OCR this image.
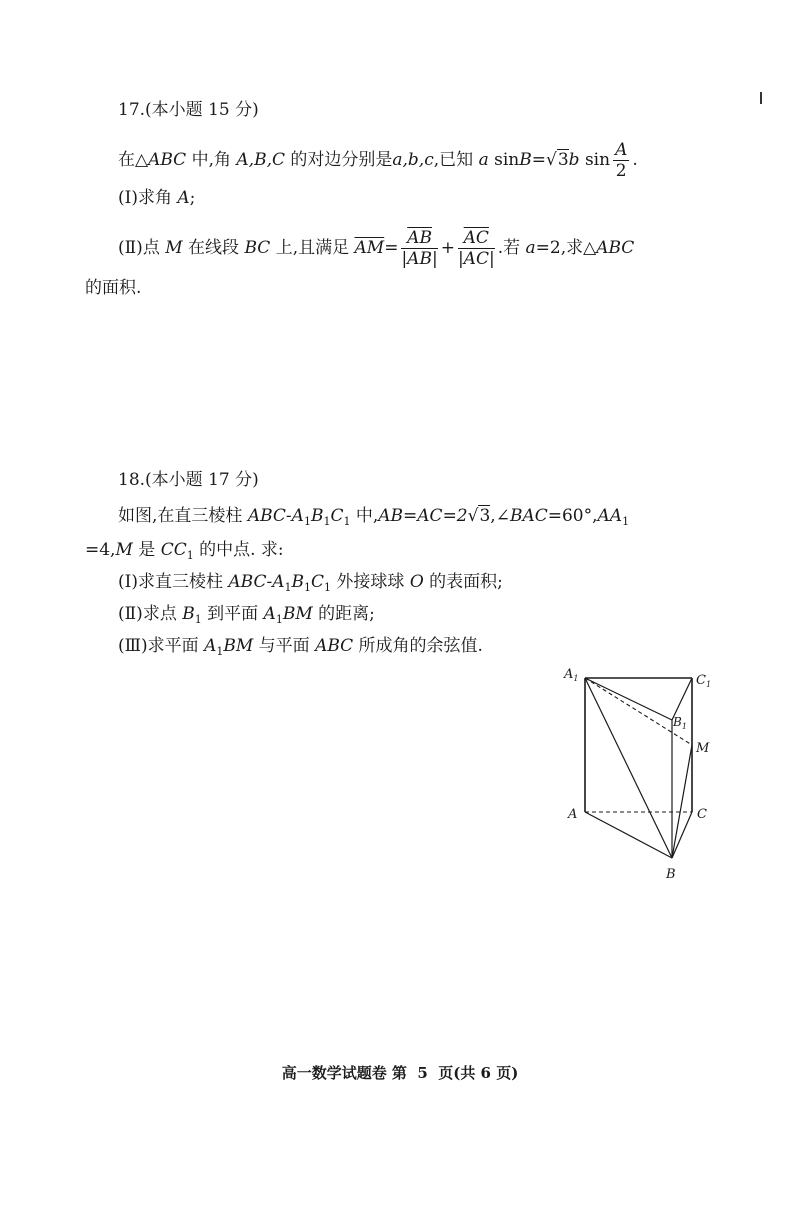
17.(本小题 15 分)
在△ABC 中,角 A,B,C 的对边分别是a,b,c,已知 a sinB=√3b $\sin \frac{A}{2}$ .
(Ⅰ)求角 A;
(Ⅱ)点 M 在线段 BC 上,且满足 $\overline{AM}= \frac{\overline{AB}}{|AB|} + \frac{\overline{AC}}{|AC|}$ .若 a=2,求△ABC
的面积.
18.(本小题 17 分)
如图,在直三棱柱 ABC-$A_1B_1C_1$ 中$,AB=AC=2√3,\angle BAC=60^\circ,AA_1$
=4,M 是 $CC_1$ 的中点. 求:
(Ⅰ)求直三棱柱 ABC-$A_1B_1C_1$ 外接球球 O 的表面积;
(Ⅱ)求点 $B_1$ 到平面 $A_1BM$ 的距离;
(Ⅲ)求平面 $A_1BM$ 与平面 ABC 所成角的余弦值.
$A_1$	$C_1$
$B_1$
M
A	C
B
高一数学试题卷 第  5  页(共 6 页)
